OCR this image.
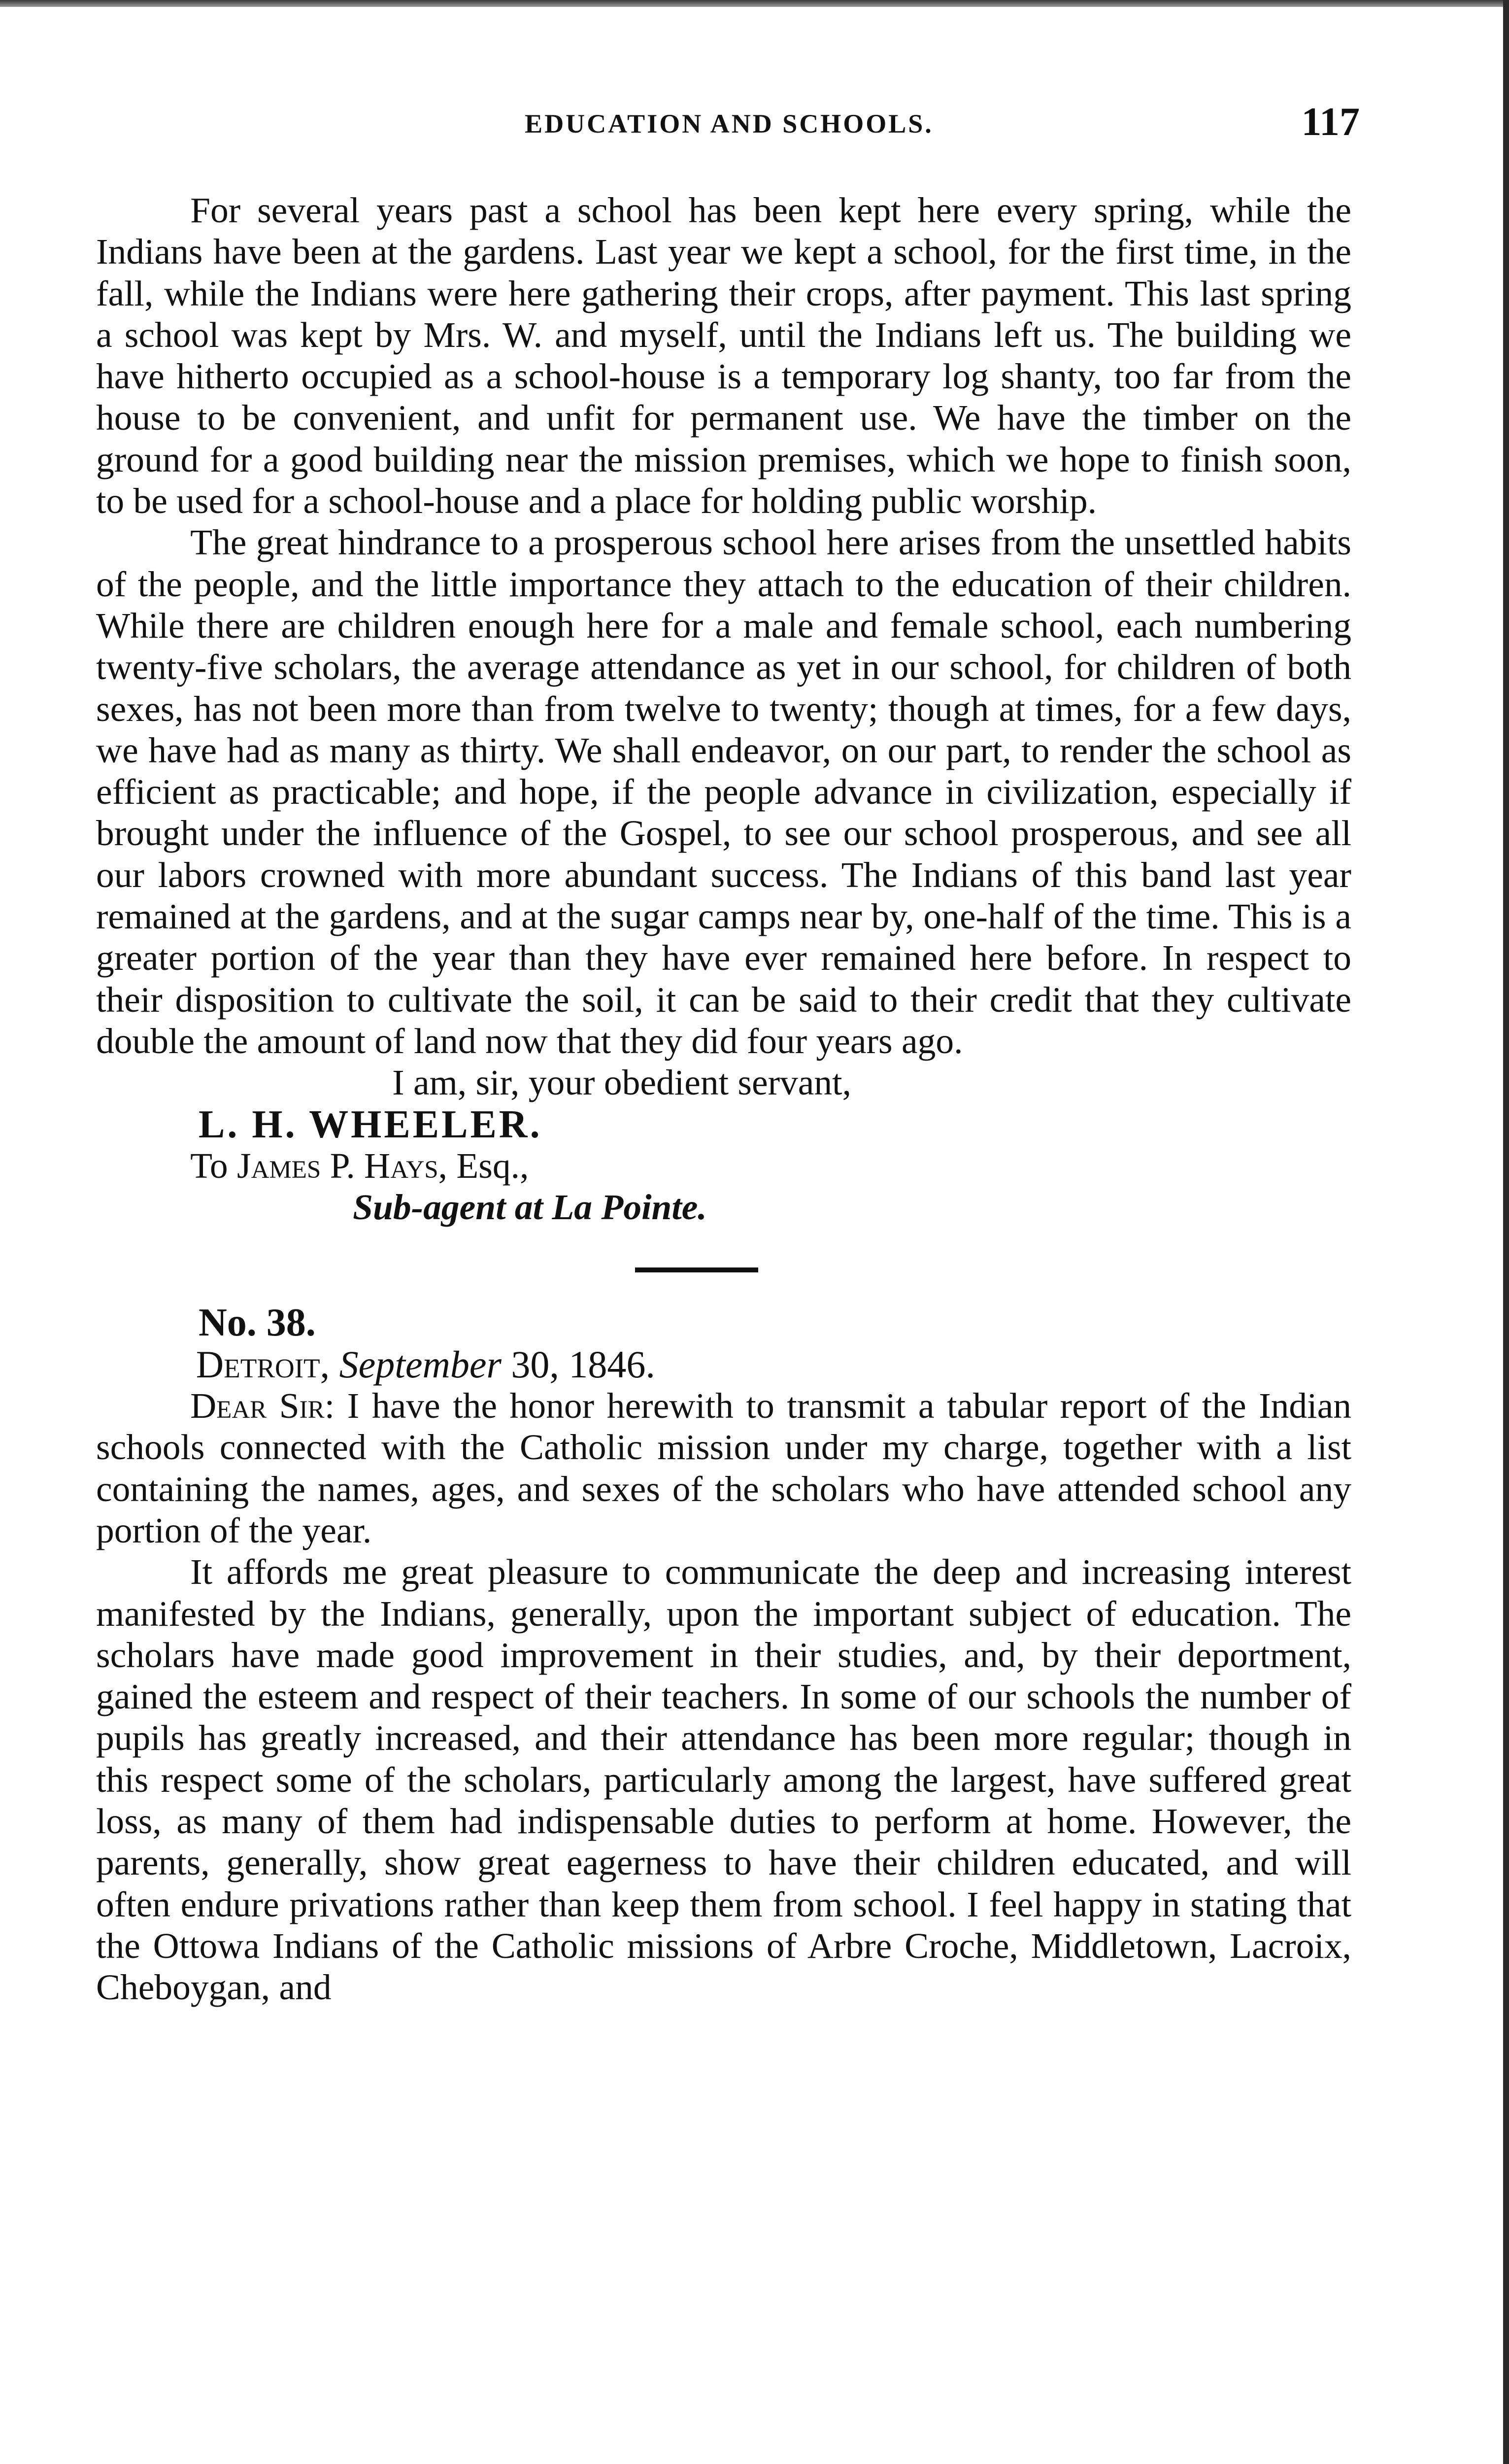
EDUCATION AND SCHOOLS.	117

For several years past a school has been kept here every spring, while the Indians have been at the gardens. Last year we kept a school, for the first time, in the fall, while the Indians were here gathering their crops, after payment. This last spring a school was kept by Mrs. W. and myself, until the Indians left us. The building we have hitherto occupied as a school-house is a temporary log shanty, too far from the house to be convenient, and unfit for permanent use. We have the timber on the ground for a good building near the mission premises, which we hope to finish soon, to be used for a school-house and a place for holding public worship.

The great hindrance to a prosperous school here arises from the unsettled habits of the people, and the little importance they attach to the education of their children. While there are children enough here for a male and female school, each numbering twenty-five scholars, the average attendance as yet in our school, for children of both sexes, has not been more than from twelve to twenty; though at times, for a few days, we have had as many as thirty. We shall endeavor, on our part, to render the school as efficient as practicable; and hope, if the people advance in civilization, especially if brought under the influence of the Gospel, to see our school prosperous, and see all our labors crowned with more abundant success. The Indians of this band last year remained at the gardens, and at the sugar camps near by, one-half of the time. This is a greater portion of the year than they have ever remained here before. In respect to their disposition to cultivate the soil, it can be said to their credit that they cultivate double the amount of land now that they did four years ago.

I am, sir, your obedient servant,

L. H. WHEELER.

To James P. Hays, Esq.,

Sub-agent at La Pointe.

No. 38.

Detroit, September 30, 1846.

Dear Sir: I have the honor herewith to transmit a tabular report of the Indian schools connected with the Catholic mission under my charge, together with a list containing the names, ages, and sexes of the scholars who have attended school any portion of the year.

It affords me great pleasure to communicate the deep and increasing interest manifested by the Indians, generally, upon the important subject of education. The scholars have made good improvement in their studies, and, by their deportment, gained the esteem and respect of their teachers. In some of our schools the number of pupils has greatly increased, and their attendance has been more regular; though in this respect some of the scholars, particularly among the largest, have suffered great loss, as many of them had indispensable duties to perform at home. However, the parents, generally, show great eagerness to have their children educated, and will often endure privations rather than keep them from school. I feel happy in stating that the Ottowa Indians of the Catholic missions of Arbre Croche, Middletown, Lacroix, Cheboygan, and
